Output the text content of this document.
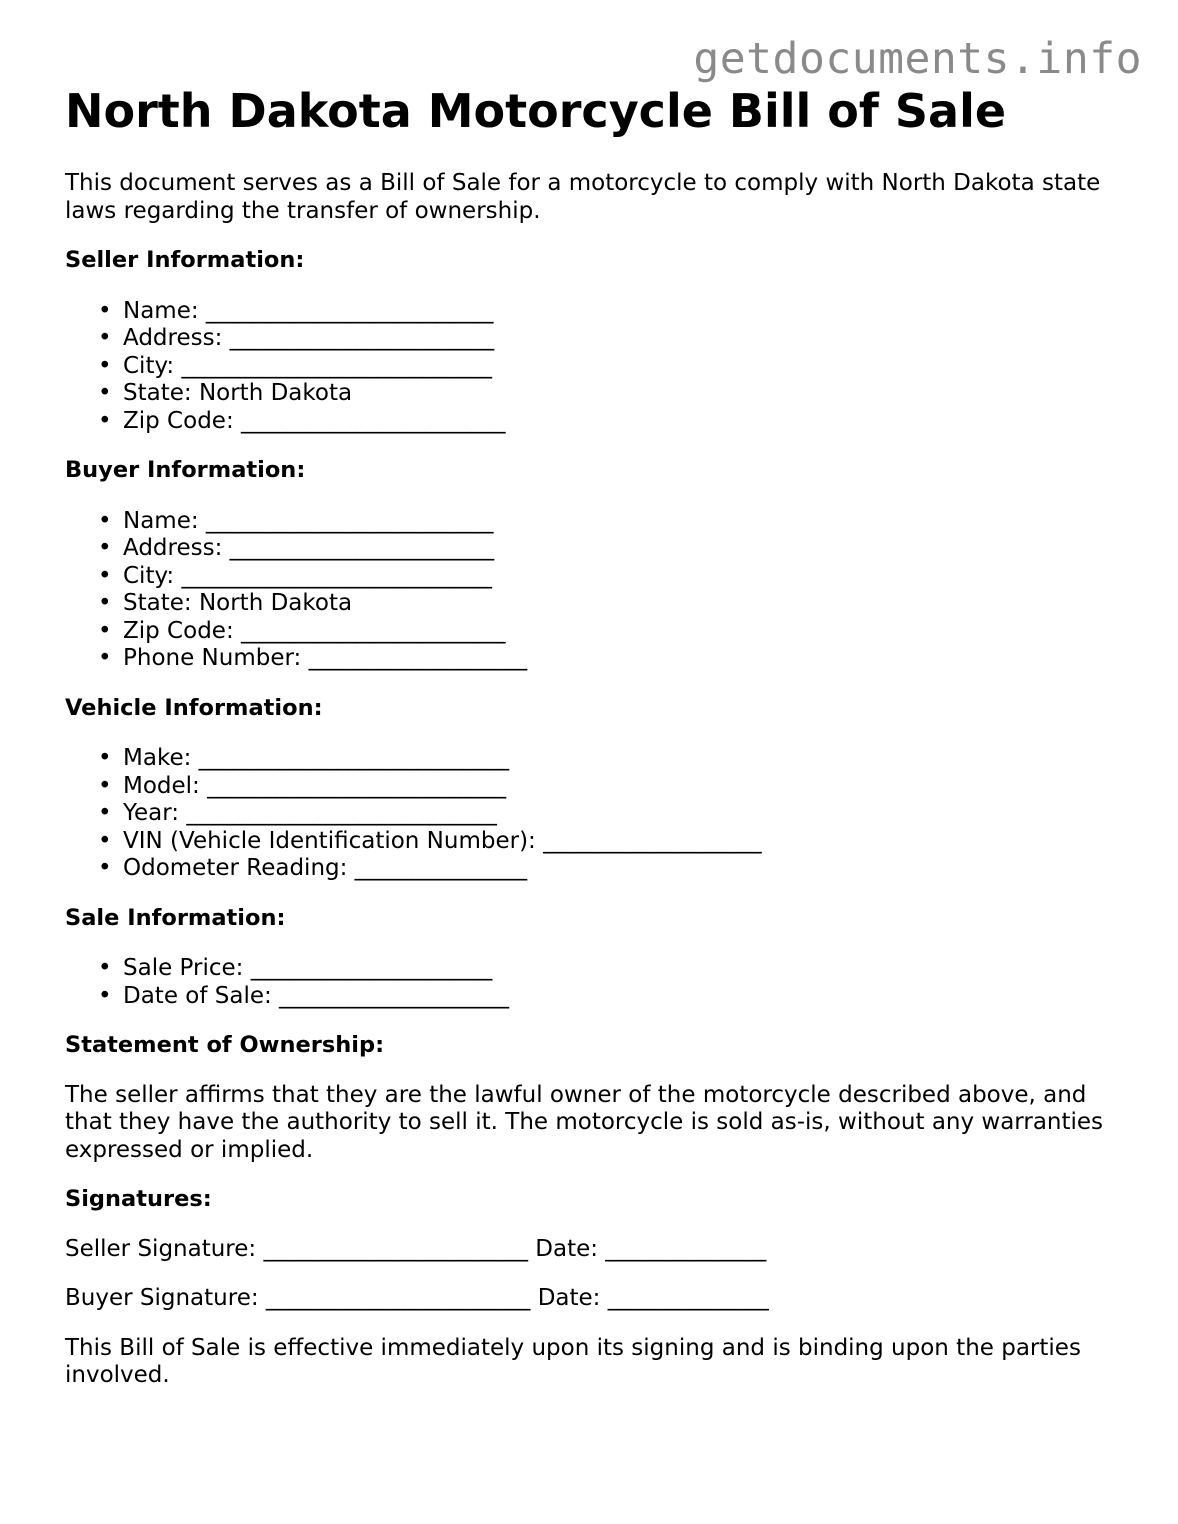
getdocuments.info
North Dakota Motorcycle Bill of Sale

This document serves as a Bill of Sale for a motorcycle to comply with North Dakota state laws regarding the transfer of ownership.

Seller Information:
• Name: _________________________
• Address: _______________________
• City: ___________________________
• State: North Dakota
• Zip Code: _______________________
Buyer Information:
• Name: _________________________
• Address: _______________________
• City: ___________________________
• State: North Dakota
• Zip Code: _______________________
• Phone Number: ___________________
Vehicle Information:
• Make: ___________________________
• Model: __________________________
• Year: ___________________________
• VIN (Vehicle Identification Number): ___________________
• Odometer Reading: _______________
Sale Information:
• Sale Price: _____________________
• Date of Sale: ____________________
Statement of Ownership:

The seller affirms that they are the lawful owner of the motorcycle described above, and that they have the authority to sell it. The motorcycle is sold as-is, without any warranties expressed or implied.

Signatures:

Seller Signature: _______________________ Date: ______________

Buyer Signature: _______________________ Date: ______________

This Bill of Sale is effective immediately upon its signing and is binding upon the parties involved.
